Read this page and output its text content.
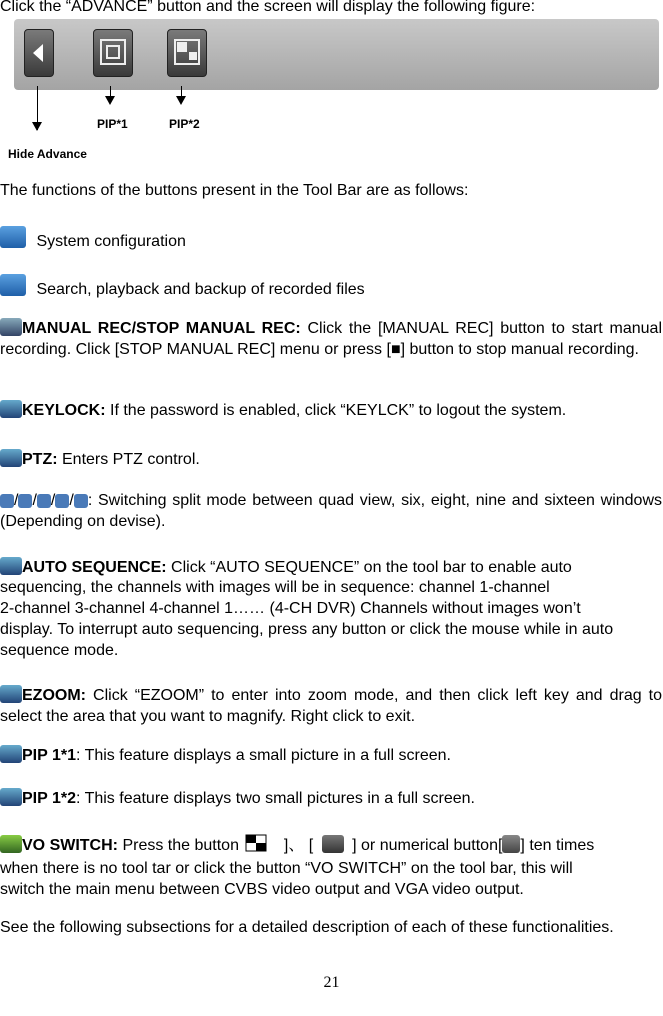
Click the “ADVANCE” button and the screen will display the following figure:
PIP*1	PIP*2
Hide Advance
The functions of the buttons present in the Tool Bar are as follows:
System configuration
Search, playback and backup of recorded files
MANUAL REC/STOP MANUAL REC: Click the [MANUAL REC] button to start manual recording. Click [STOP MANUAL REC] menu or press [■] button to stop manual recording.
KEYLOCK: If the password is enabled, click “KEYLCK” to logout the system.
PTZ: Enters PTZ control.
/ / / / : Switching split mode between quad view, six, eight, nine and sixteen windows (Depending on devise).
AUTO SEQUENCE: Click “AUTO SEQUENCE” on the tool bar to enable auto
sequencing, the channels with images will be in sequence: channel 1-channel
2-channel 3-channel 4-channel 1…… (4-CH DVR) Channels without images won’t
display. To interrupt auto sequencing, press any button or click the mouse while in auto
sequence mode.
EZOOM: Click “EZOOM” to enter into zoom mode, and then click left key and drag to select the area that you want to magnify. Right click to exit.
PIP 1*1: This feature displays a small picture in a full screen.
PIP 1*2: This feature displays two small pictures in a full screen.
VO SWITCH: Press the button	]、 [ ] or numerical button[ ] ten times
when there is no tool tar or click the button “VO SWITCH” on the tool bar, this will
switch the main menu between CVBS video output and VGA video output.
See the following subsections for a detailed description of each of these functionalities.
21
